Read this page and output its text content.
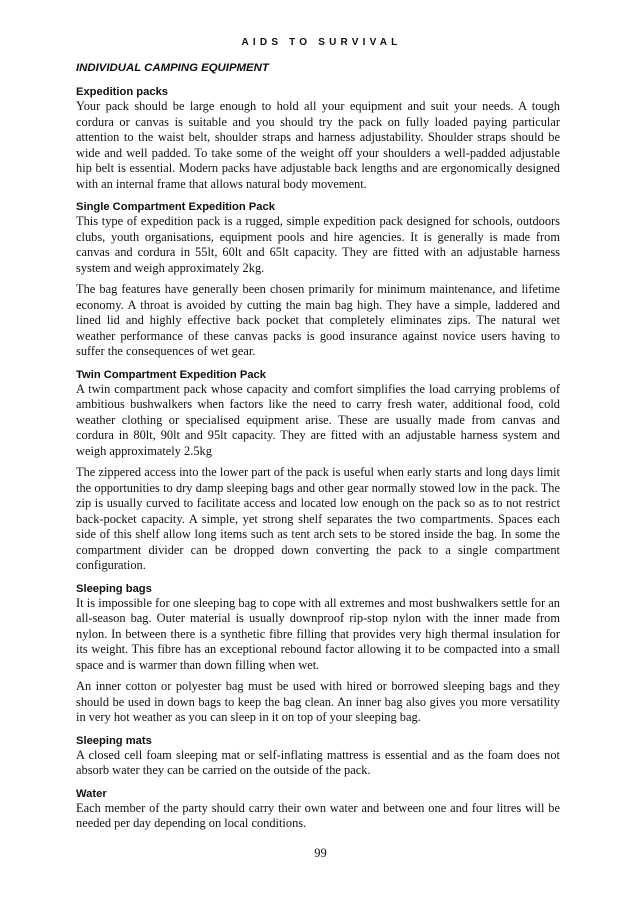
AIDS TO SURVIVAL
INDIVIDUAL CAMPING EQUIPMENT
Expedition packs

Your pack should be large enough to hold all your equipment and suit your needs. A tough cordura or canvas is suitable and you should try the pack on fully loaded paying particular attention to the waist belt, shoulder straps and harness adjustability. Shoulder straps should be wide and well padded. To take some of the weight off your shoulders a well-padded adjustable hip belt is essential. Modern packs have adjustable back lengths and are ergonomically designed with an internal frame that allows natural body movement.

Single Compartment Expedition Pack

This type of expedition pack is a rugged, simple expedition pack designed for schools, outdoors clubs, youth organisations, equipment pools and hire agencies. It is generally is made from canvas and cordura in 55lt, 60lt and 65lt capacity. They are fitted with an adjustable harness system and weigh approximately 2kg.

The bag features have generally been chosen primarily for minimum maintenance, and lifetime economy. A throat is avoided by cutting the main bag high. They have a simple, laddered and lined lid and highly effective back pocket that completely eliminates zips. The natural wet weather performance of these canvas packs is good insurance against novice users having to suffer the consequences of wet gear.

Twin Compartment Expedition Pack

A twin compartment pack whose capacity and comfort simplifies the load carrying problems of ambitious bushwalkers when factors like the need to carry fresh water, additional food, cold weather clothing or specialised equipment arise. These are usually made from canvas and cordura in 80lt, 90lt and 95lt capacity. They are fitted with an adjustable harness system and weigh approximately 2.5kg

The zippered access into the lower part of the pack is useful when early starts and long days limit the opportunities to dry damp sleeping bags and other gear normally stowed low in the pack. The zip is usually curved to facilitate access and located low enough on the pack so as to not restrict back-pocket capacity. A simple, yet strong shelf separates the two compartments. Spaces each side of this shelf allow long items such as tent arch sets to be stored inside the bag. In some the compartment divider can be dropped down converting the pack to a single compartment configuration.

Sleeping bags

It is impossible for one sleeping bag to cope with all extremes and most bushwalkers settle for an all-season bag. Outer material is usually downproof rip-stop nylon with the inner made from nylon. In between there is a synthetic fibre filling that provides very high thermal insulation for its weight. This fibre has an exceptional rebound factor allowing it to be compacted into a small space and is warmer than down filling when wet.

An inner cotton or polyester bag must be used with hired or borrowed sleeping bags and they should be used in down bags to keep the bag clean. An inner bag also gives you more versatility in very hot weather as you can sleep in it on top of your sleeping bag.

Sleeping mats

A closed cell foam sleeping mat or self-inflating mattress is essential and as the foam does not absorb water they can be carried on the outside of the pack.

Water

Each member of the party should carry their own water and between one and four litres will be needed per day depending on local conditions.

99
